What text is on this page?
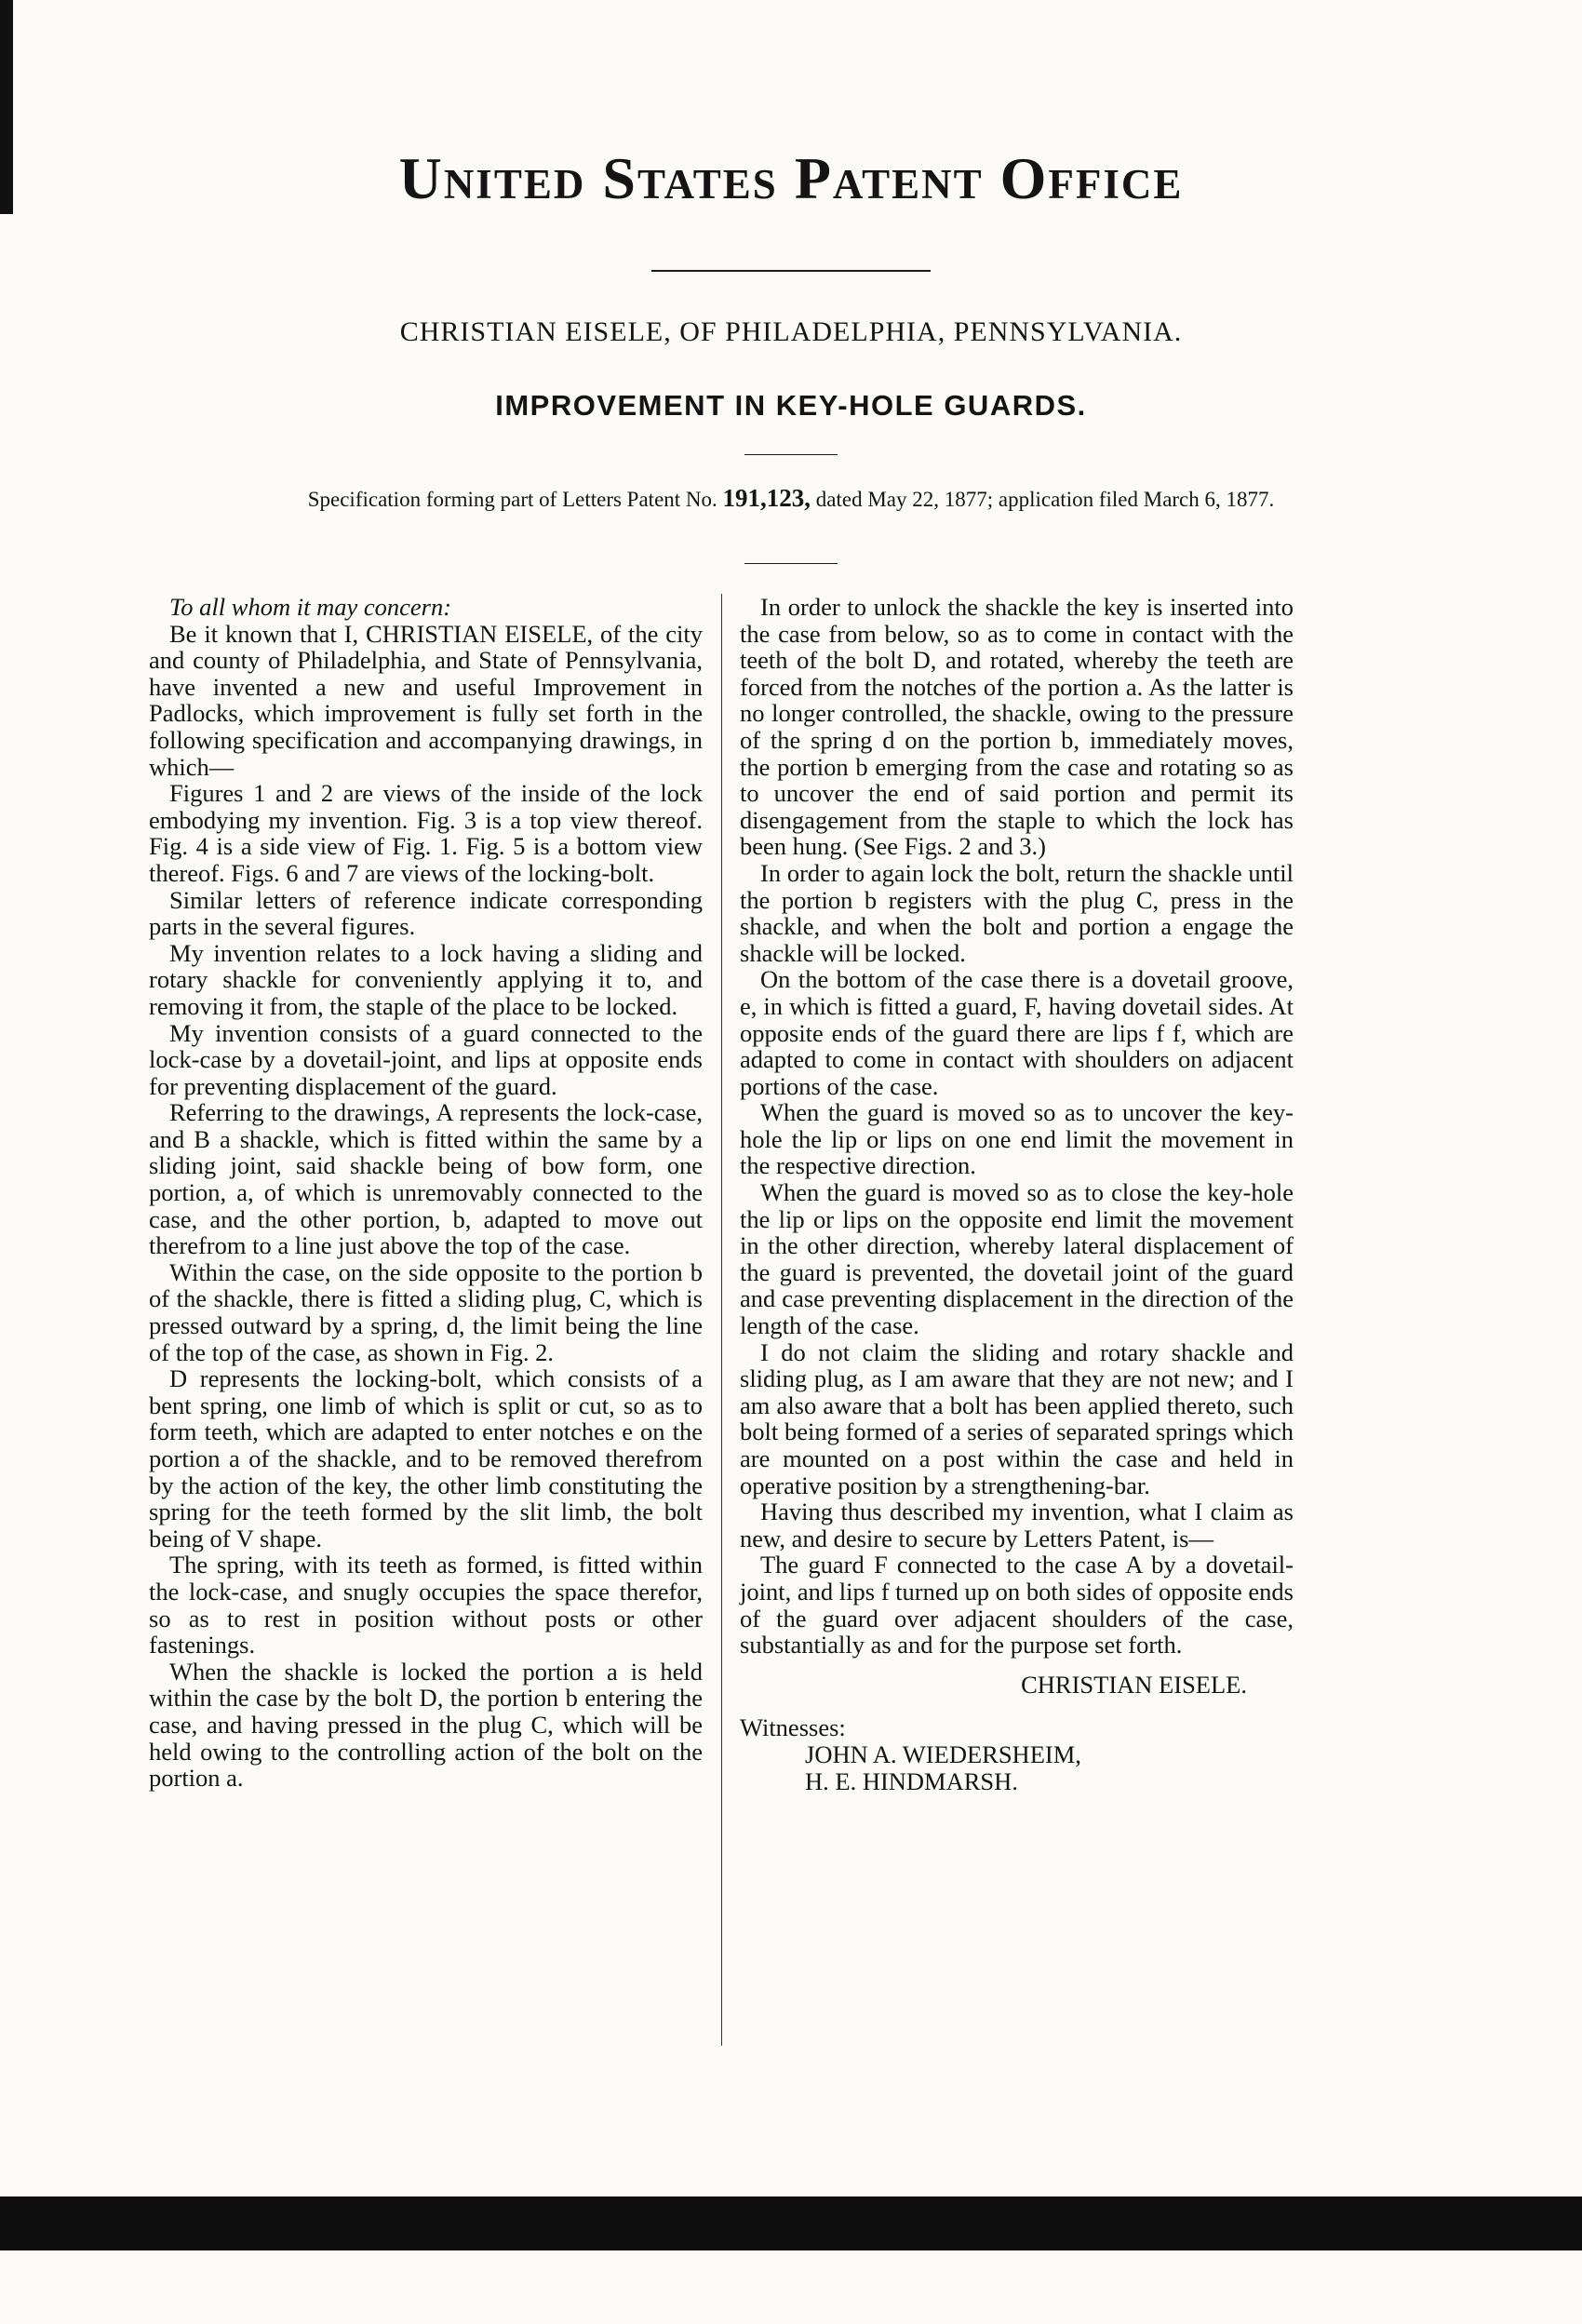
United States Patent Office
CHRISTIAN EISELE, OF PHILADELPHIA, PENNSYLVANIA.
IMPROVEMENT IN KEY-HOLE GUARDS.
Specification forming part of Letters Patent No. 191,123, dated May 22, 1877; application filed March 6, 1877.

To all whom it may concern:

Be it known that I, CHRISTIAN EISELE, of the city and county of Philadelphia, and State of Pennsylvania, have invented a new and useful Improvement in Padlocks, which improvement is fully set forth in the following specification and accompanying drawings, in which—

Figures 1 and 2 are views of the inside of the lock embodying my invention. Fig. 3 is a top view thereof. Fig. 4 is a side view of Fig. 1. Fig. 5 is a bottom view thereof. Figs. 6 and 7 are views of the locking-bolt.

Similar letters of reference indicate corresponding parts in the several figures.

My invention relates to a lock having a sliding and rotary shackle for conveniently applying it to, and removing it from, the staple of the place to be locked.

My invention consists of a guard connected to the lock-case by a dovetail-joint, and lips at opposite ends for preventing displacement of the guard.

Referring to the drawings, A represents the lock-case, and B a shackle, which is fitted within the same by a sliding joint, said shackle being of bow form, one portion, a, of which is unremovably connected to the case, and the other portion, b, adapted to move out therefrom to a line just above the top of the case.

Within the case, on the side opposite to the portion b of the shackle, there is fitted a sliding plug, C, which is pressed outward by a spring, d, the limit being the line of the top of the case, as shown in Fig. 2.

D represents the locking-bolt, which consists of a bent spring, one limb of which is split or cut, so as to form teeth, which are adapted to enter notches e on the portion a of the shackle, and to be removed therefrom by the action of the key, the other limb constituting the spring for the teeth formed by the slit limb, the bolt being of V shape.

The spring, with its teeth as formed, is fitted within the lock-case, and snugly occupies the space therefor, so as to rest in position without posts or other fastenings.

When the shackle is locked the portion a is held within the case by the bolt D, the portion b entering the case, and having pressed in the plug C, which will be held owing to the controlling action of the bolt on the portion a.

In order to unlock the shackle the key is inserted into the case from below, so as to come in contact with the teeth of the bolt D, and rotated, whereby the teeth are forced from the notches of the portion a. As the latter is no longer controlled, the shackle, owing to the pressure of the spring d on the portion b, immediately moves, the portion b emerging from the case and rotating so as to uncover the end of said portion and permit its disengagement from the staple to which the lock has been hung. (See Figs. 2 and 3.)

In order to again lock the bolt, return the shackle until the portion b registers with the plug C, press in the shackle, and when the bolt and portion a engage the shackle will be locked.

On the bottom of the case there is a dovetail groove, e, in which is fitted a guard, F, having dovetail sides. At opposite ends of the guard there are lips f f, which are adapted to come in contact with shoulders on adjacent portions of the case.

When the guard is moved so as to uncover the key-hole the lip or lips on one end limit the movement in the respective direction.

When the guard is moved so as to close the key-hole the lip or lips on the opposite end limit the movement in the other direction, whereby lateral displacement of the guard is prevented, the dovetail joint of the guard and case preventing displacement in the direction of the length of the case.

I do not claim the sliding and rotary shackle and sliding plug, as I am aware that they are not new; and I am also aware that a bolt has been applied thereto, such bolt being formed of a series of separated springs which are mounted on a post within the case and held in operative position by a strengthening-bar.

Having thus described my invention, what I claim as new, and desire to secure by Letters Patent, is—

The guard F connected to the case A by a dovetail-joint, and lips f turned up on both sides of opposite ends of the guard over adjacent shoulders of the case, substantially as and for the purpose set forth.

CHRISTIAN EISELE.

Witnesses:

JOHN A. WIEDERSHEIM,

H. E. HINDMARSH.
